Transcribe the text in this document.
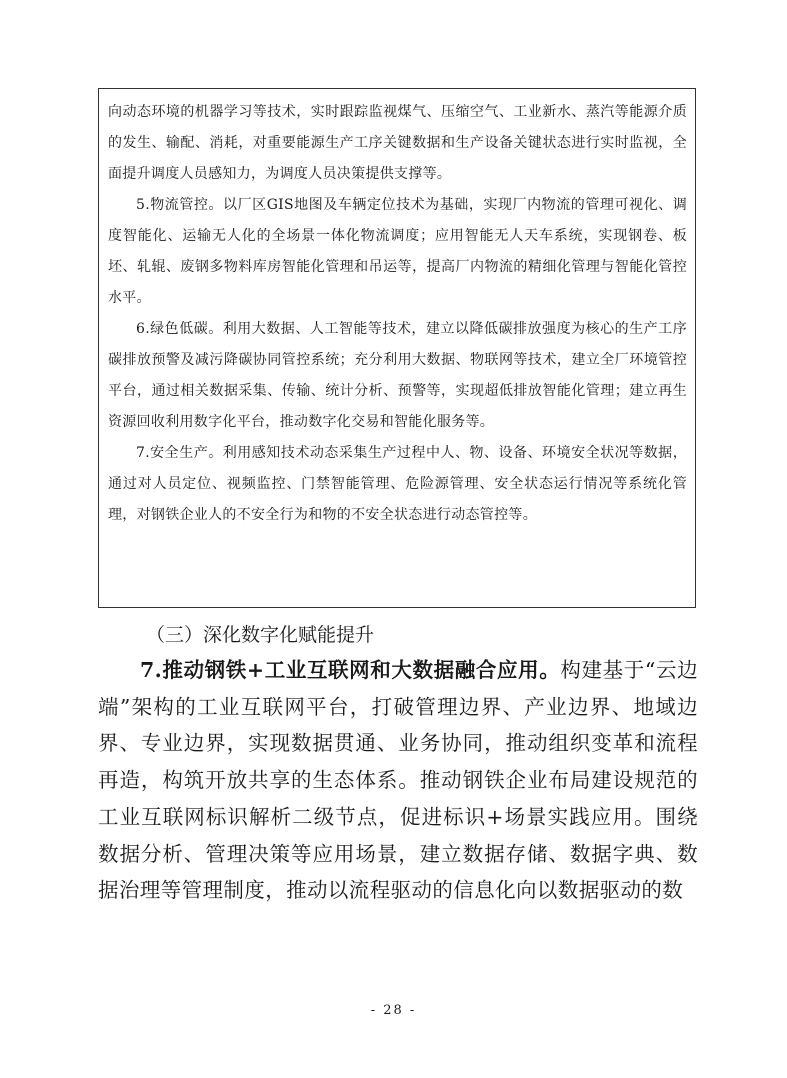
向动态环境的机器学习等技术，实时跟踪监视煤气、压缩空气、工业新水、蒸汽等能源介质的发生、输配、消耗，对重要能源生产工序关键数据和生产设备关键状态进行实时监视，全面提升调度人员感知力，为调度人员决策提供支撑等。

5.物流管控。以厂区GIS地图及车辆定位技术为基础，实现厂内物流的管理可视化、调度智能化、运输无人化的全场景一体化物流调度；应用智能无人天车系统，实现钢卷、板坯、轧辊、废钢多物料库房智能化管理和吊运等，提高厂内物流的精细化管理与智能化管控水平。

6.绿色低碳。利用大数据、人工智能等技术，建立以降低碳排放强度为核心的生产工序碳排放预警及减污降碳协同管控系统；充分利用大数据、物联网等技术，建立全厂环境管控平台，通过相关数据采集、传输、统计分析、预警等，实现超低排放智能化管理；建立再生资源回收利用数字化平台，推动数字化交易和智能化服务等。

7.安全生产。利用感知技术动态采集生产过程中人、物、设备、环境安全状况等数据，通过对人员定位、视频监控、门禁智能管理、危险源管理、安全状态运行情况等系统化管理，对钢铁企业人的不安全行为和物的不安全状态进行动态管控等。

（三）深化数字化赋能提升

7.推动钢铁+工业互联网和大数据融合应用。构建基于“云边端”架构的工业互联网平台，打破管理边界、产业边界、地域边界、专业边界，实现数据贯通、业务协同，推动组织变革和流程再造，构筑开放共享的生态体系。推动钢铁企业布局建设规范的工业互联网标识解析二级节点，促进标识+场景实践应用。围绕数据分析、管理决策等应用场景，建立数据存储、数据字典、数据治理等管理制度，推动以流程驱动的信息化向以数据驱动的数

- 28 -
